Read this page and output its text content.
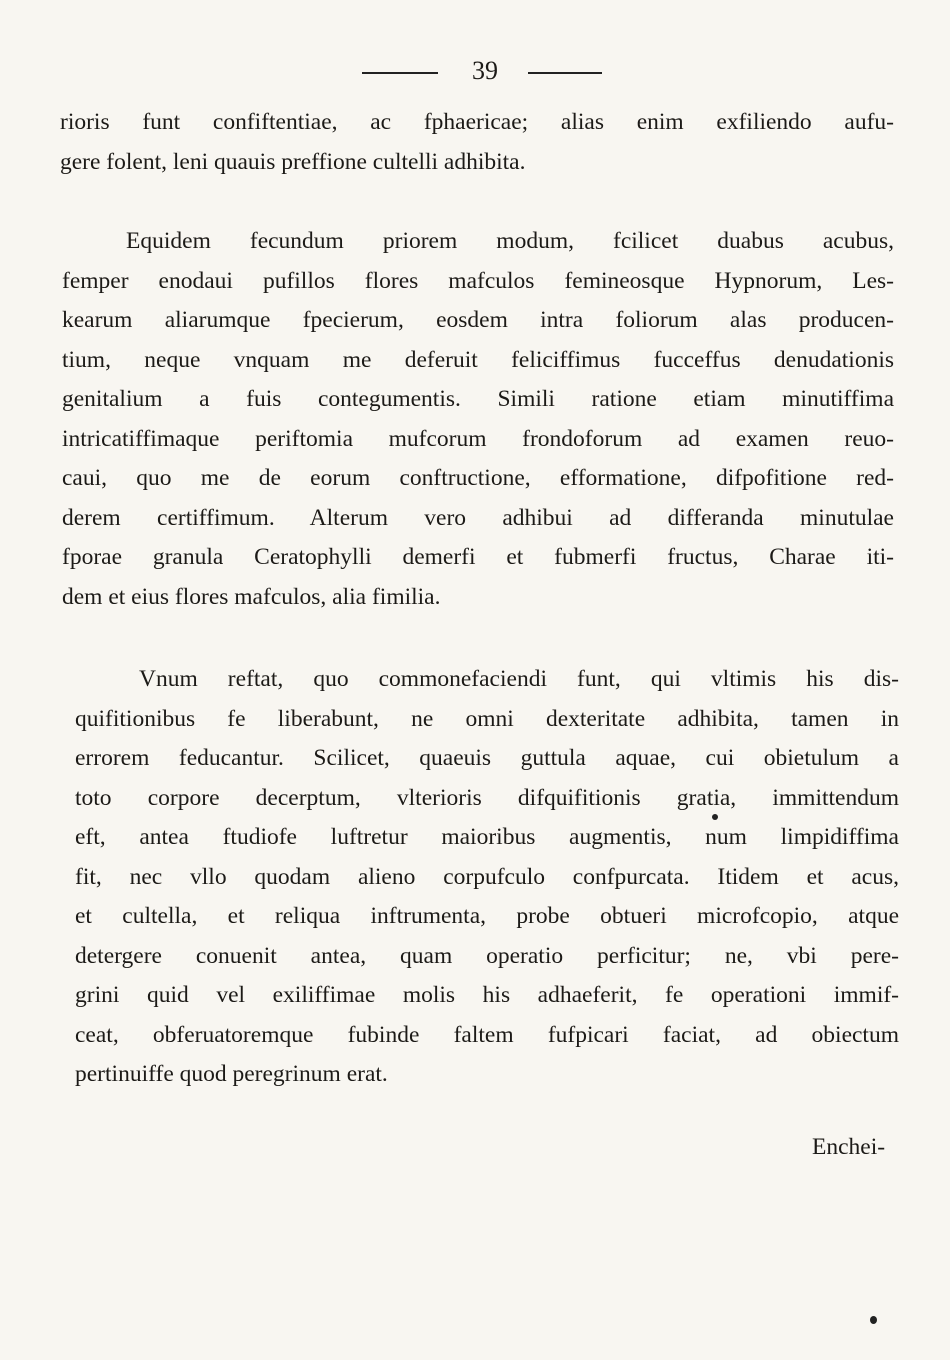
39
rioris funt confiftentiae, ac fphaericae; alias enim exfiliendo aufu-
gere folent, leni quauis preffione cultelli adhibita.
Equidem fecundum priorem modum, fcilicet duabus acubus,
femper enodaui pufillos flores mafculos femineosque Hypnorum, Les-
kearum aliarumque fpecierum, eosdem intra foliorum alas producen-
tium, neque vnquam me deferuit feliciffimus fucceffus denudationis
genitalium a fuis contegumentis. Simili ratione etiam minutiffima
intricatiffimaque periftomia mufcorum frondoforum ad examen reuo-
caui, quo me de eorum conftructione, efformatione, difpofitione red-
derem certiffimum. Alterum vero adhibui ad differanda minutulae
fporae granula Ceratophylli demerfi et fubmerfi fructus, Charae iti-
dem et eius flores mafculos, alia fimilia.
Vnum reftat, quo commonefaciendi funt, qui vltimis his dis-
quifitionibus fe liberabunt, ne omni dexteritate adhibita, tamen in
errorem feducantur. Scilicet, quaeuis guttula aquae, cui obietulum a
toto corpore decerptum, vlterioris difquifitionis gratia, immittendum
eft, antea ftudiofe luftretur maioribus augmentis, num limpidiffima
fit, nec vllo quodam alieno corpufculo confpurcata. Itidem et acus,
et cultella, et reliqua inftrumenta, probe obtueri microfcopio, atque
detergere conuenit antea, quam operatio perficitur; ne, vbi pere-
grini quid vel exiliffimae molis his adhaeferit, fe operationi immif-
ceat, obferuatoremque fubinde faltem fufpicari faciat, ad obiectum
pertinuiffe quod peregrinum erat.
Enchei-
